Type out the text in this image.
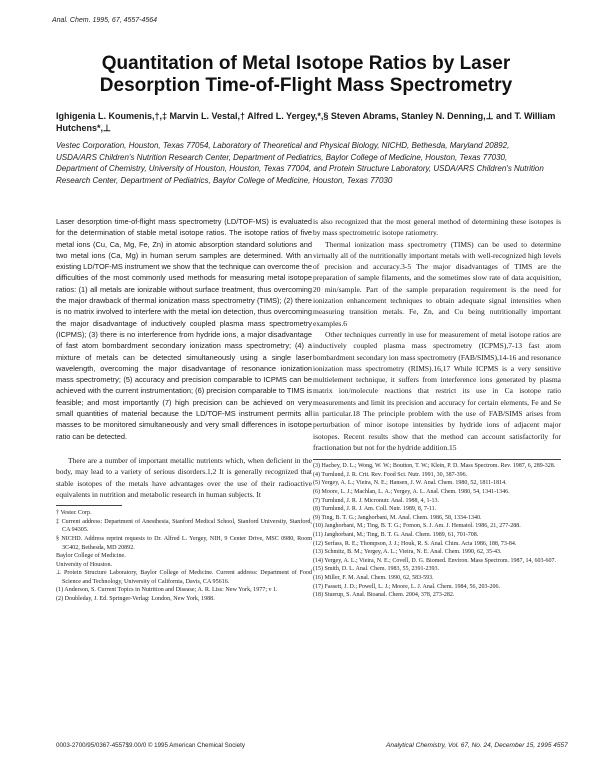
Anal. Chem. 1995, 67, 4557-4564
Quantitation of Metal Isotope Ratios by Laser Desorption Time-of-Flight Mass Spectrometry
Ighigenia L. Koumenis,†,‡ Marvin L. Vestal,† Alfred L. Yergey,*,§ Steven Abrams, Stanley N. Denning,⊥ and T. William Hutchens*,⊥
Vestec Corporation, Houston, Texas 77054, Laboratory of Theoretical and Physical Biology, NICHD, Bethesda, Maryland 20892, USDA/ARS Children's Nutrition Research Center, Department of Pediatrics, Baylor College of Medicine, Houston, Texas 77030, Department of Chemistry, University of Houston, Houston, Texas 77004, and Protein Structure Laboratory, USDA/ARS Children's Nutrition Research Center, Department of Pediatrics, Baylor College of Medicine, Houston, Texas 77030

Laser desorption time-of-flight mass spectrometry (LD/TOF-MS) is evaluated for the determination of stable metal isotope ratios. The isotope ratios of five metal ions (Cu, Ca, Mg, Fe, Zn) in atomic absorption standard solutions and two metal ions (Ca, Mg) in human serum samples are determined. With an existing LD/TOF-MS instrument we show that the technique can overcome the difficulties of the most commonly used methods for measuring metal isotope ratios: (1) all metals are ionizable without surface treatment, thus overcoming the major drawback of thermal ionization mass spectrometry (TIMS); (2) there is no matrix involved to interfere with the metal ion detection, thus overcoming the major disadvantage of inductively coupled plasma mass spectrometry (ICPMS); (3) there is no interference from hydride ions, a major disadvantage of fast atom bombardment secondary ionization mass spectrometry; (4) a mixture of metals can be detected simultaneously using a single laser wavelength, overcoming the major disadvantage of resonance ionization mass spectrometry; (5) accuracy and precision comparable to ICPMS can be achieved with the current instrumentation; (6) precision comparable to TIMS is feasible; and most importantly (7) high precision can be achieved on very small quantities of material because the LD/TOF-MS instrument permits all masses to be monitored simultaneously and very small differences in isotope ratio can be detected.

There are a number of important metallic nutrients which, when deficient in the body, may lead to a variety of serious disorders.1,2 It is generally recognized that stable isotopes of the metals have advantages over the use of their radioactive equivalents in nutrition and metabolic research in human subjects. It

† Vestec Corp.

‡ Current address: Department of Anesthesia, Stanford Medical School, Stanford University, Stanford, CA 94305.

§ NICHD. Address reprint requests to Dr. Alfred L. Yergey, NIH, 9 Center Drive, MSC 0980, Room 3C402, Bethesda, MD 20892.

Baylor College of Medicine.

University of Houston.

⊥ Protein Structure Laboratory, Baylor College of Medicine. Current address: Department of Food Science and Technology, University of California, Davis, CA 95616.

(1) Anderson, S. Current Topics in Nutrition and Disease; A. R. Liss: New York, 1977; v 1.

(2) Doubleday, J. Ed. Springer-Verlag: London, New York, 1988.

is also recognized that the most general method of determining these isotopes is by mass spectrometric isotope ratiometry.

Thermal ionization mass spectrometry (TIMS) can be used to determine virtually all of the nutritionally important metals with well-recognized high levels of precision and accuracy.3-5 The major disadvantages of TIMS are the preparation of sample filaments, and the sometimes slow rate of data acquisition, 20 min/sample. Part of the sample preparation requirement is the need for ionization enhancement techniques to obtain adequate signal intensities when measuring transition metals. Fe, Zn, and Cu being nutritionally important examples.6

Other techniques currently in use for measurement of metal isotope ratios are inductively coupled plasma mass spectrometry (ICPMS),7-13 fast atom bombardment secondary ion mass spectrometry (FAB/SIMS),14-16 and resonance ionization mass spectrometry (RIMS).16,17 While ICPMS is a very sensitive multielement technique, it suffers from interference ions generated by plasma matrix ion/molecule reactions that restrict its use in Ca isotope ratio measurements and limit its precision and accuracy for certain elements, Fe and Se in particular.18 The principle problem with the use of FAB/SIMS arises from perturbation of minor isotope intensities by hydride ions of adjacent major isotopes. Recent results show that the method can account satisfactorily for fractionation but not for the hydride addition.15

(3) Hachey, D. L.; Wong, W. W.; Boutton, T. W.; Klein, P. D. Mass Spectrom. Rev. 1987, 6, 289-328.

(4) Turnlund, J. R. Crit. Rev. Food Sci. Nutr. 1991, 30, 387-396.

(5) Yergey, A. L.; Vieira, N. E.; Hansen, J. W. Anal. Chem. 1980, 52, 1811-1814.

(6) Moore, L. J.; Machlan, L. A.; Yergey, A. L. Anal. Chem. 1980, 54, 1341-1346.

(7) Turnlund, J. R. J. Micronutr. Anal. 1988, 4, 1-13.

(8) Turnlund, J. R. J. Am. Coll. Nutr. 1989, 8, 7-11.

(9) Ting, B. T. G.; Janghorbani, M. Anal. Chem. 1986, 58, 1334-1340.

(10) Janghorbani, M.; Ting, B. T. G.; Fomon, S. J. Am. J. Hematol. 1986, 21, 277-288.

(11) Janghorbani, M.; Ting, B. T. G. Anal. Chem. 1989, 61, 701-708.

(12) Serfass, R. E.; Thompson, J. J.; Houk, R. S. Anal. Chim. Acta 1986, 188, 73-84.

(13) Schmitz, B. M.; Yergey, A. L.; Vieira, N. E. Anal. Chem. 1990, 62, 35-43.

(14) Yergey, A. L.; Vieira, N. E.; Covell, D. G. Biomed. Environ. Mass Spectrom. 1987, 14, 603-607.

(15) Smith, D. L. Anal. Chem. 1983, 55, 2391-2393.

(16) Miller, F. M. Anal. Chem. 1990, 62, 583-593.

(17) Fassett, J. D.; Powell, L. J.; Moore, L. J. Anal. Chem. 1984, 56, 203-206.

(18) Stuerup, S. Anal. Bioanal. Chem. 2004, 378, 273-282.

0003-2700/95/0367-4557$9.00/0 © 1995 American Chemical Society	Analytical Chemistry, Vol. 67, No. 24, December 15, 1995 4557
